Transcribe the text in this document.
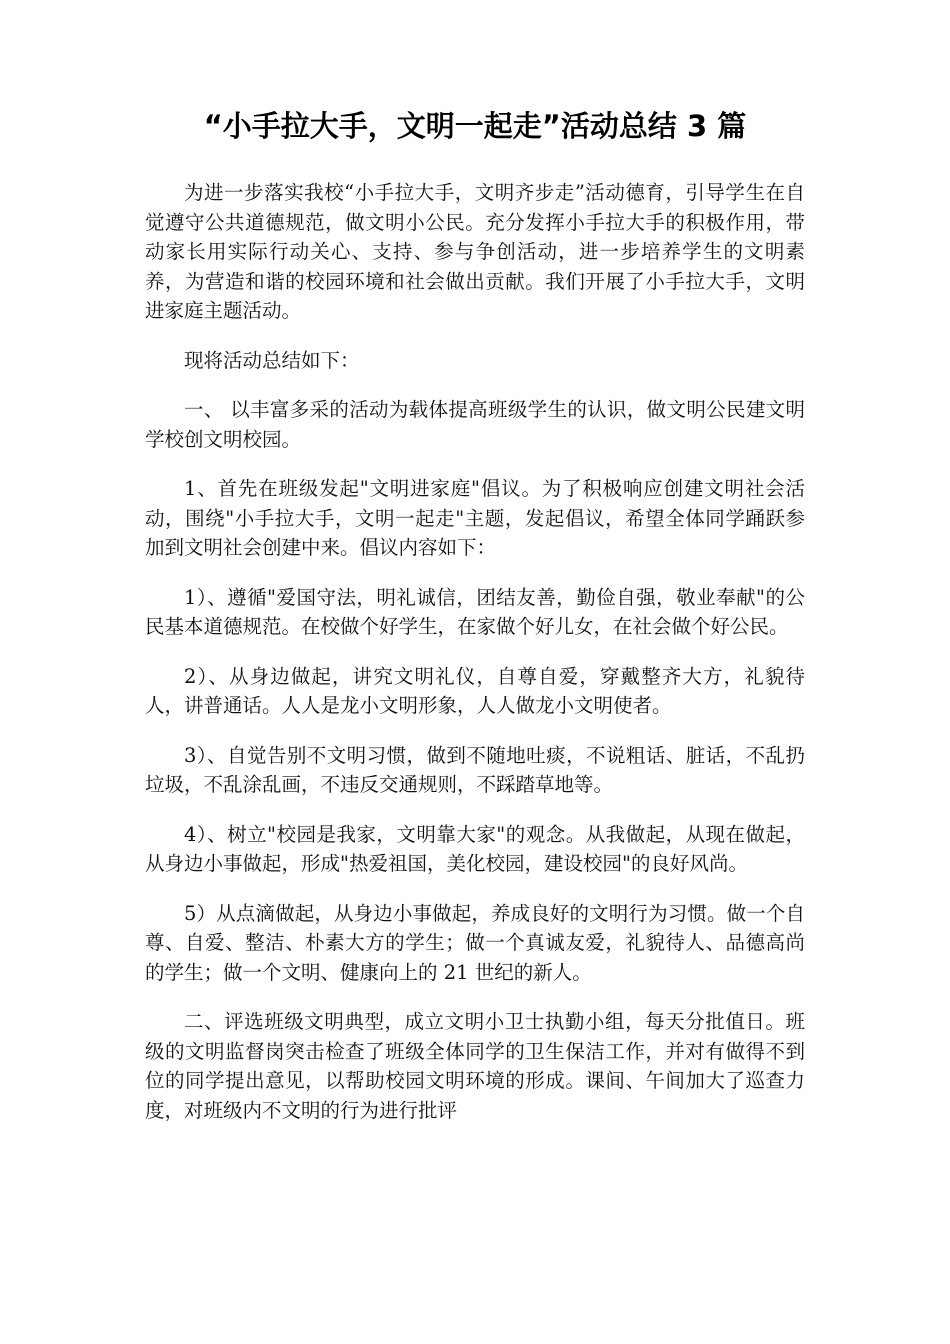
“小手拉大手，文明一起走”活动总结 3 篇

为进一步落实我校“小手拉大手，文明齐步走”活动德育，引导学生在自觉遵守公共道德规范，做文明小公民。充分发挥小手拉大手的积极作用，带动家长用实际行动关心、支持、参与争创活动，进一步培养学生的文明素养，为营造和谐的校园环境和社会做出贡献。我们开展了小手拉大手，文明进家庭主题活动。

现将活动总结如下：

一、 以丰富多采的活动为载体提高班级学生的认识，做文明公民建文明学校创文明校园。

1、首先在班级发起"文明进家庭"倡议。为了积极响应创建文明社会活动，围绕"小手拉大手，文明一起走"主题，发起倡议，希望全体同学踊跃参加到文明社会创建中来。倡议内容如下：

1）、遵循"爱国守法，明礼诚信，团结友善，勤俭自强，敬业奉献"的公民基本道德规范。在校做个好学生，在家做个好儿女，在社会做个好公民。

2）、从身边做起，讲究文明礼仪，自尊自爱，穿戴整齐大方，礼貌待人，讲普通话。人人是龙小文明形象，人人做龙小文明使者。

3）、自觉告别不文明习惯，做到不随地吐痰，不说粗话、脏话，不乱扔垃圾，不乱涂乱画，不违反交通规则，不踩踏草地等。

4）、树立"校园是我家，文明靠大家"的观念。从我做起，从现在做起，从身边小事做起，形成"热爱祖国，美化校园，建设校园"的良好风尚。

5）从点滴做起，从身边小事做起，养成良好的文明行为习惯。做一个自尊、自爱、整洁、朴素大方的学生；做一个真诚友爱，礼貌待人、品德高尚的学生；做一个文明、健康向上的 21 世纪的新人。

二、评选班级文明典型，成立文明小卫士执勤小组，每天分批值日。班级的文明监督岗突击检查了班级全体同学的卫生保洁工作，并对有做得不到位的同学提出意见，以帮助校园文明环境的形成。课间、午间加大了巡查力度，对班级内不文明的行为进行批评
